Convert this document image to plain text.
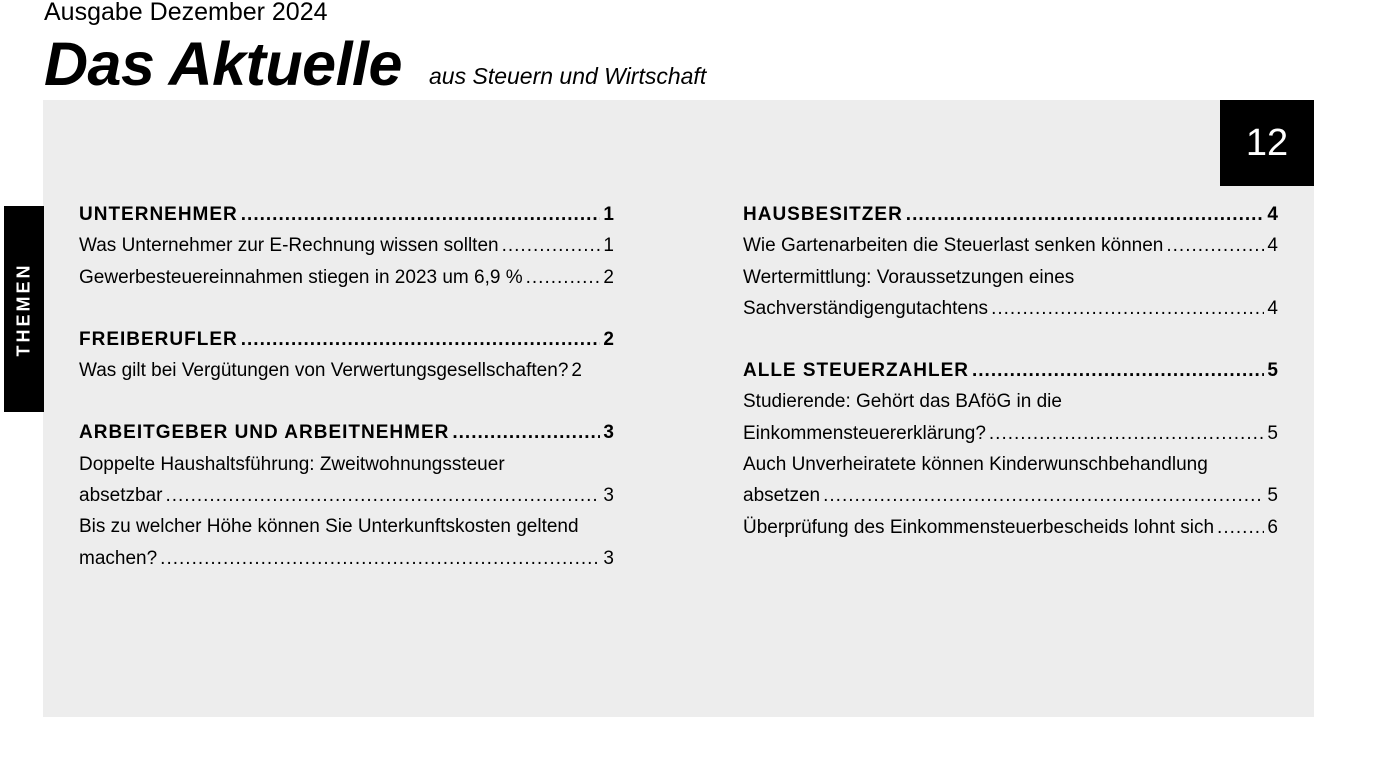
Ausgabe Dezember 2024
Das Aktuelle aus Steuern und Wirtschaft
12
THEMEN
UNTERNEHMER .....	1
Was Unternehmer zur E-Rechnung wissen sollten .....	1
Gewerbesteuereinnahmen stiegen in 2023 um 6,9 % .....	2
FREIBERUFLER .....	2
Was gilt bei Vergütungen von Verwertungsgesellschaften? 2
ARBEITGEBER UND ARBEITNEHMER .....	3
Doppelte Haushaltsführung: Zweitwohnungssteuer
absetzbar .....	3
Bis zu welcher Höhe können Sie Unterkunftskosten geltend
machen? .....	3
HAUSBESITZER .....	4
Wie Gartenarbeiten die Steuerlast senken können .....	4
Wertermittlung: Voraussetzungen eines
Sachverständigengutachtens .....	4
ALLE STEUERZAHLER .....	5
Studierende: Gehört das BAföG in die
Einkommensteuererklärung? .....	5
Auch Unverheiratete können Kinderwunschbehandlung
absetzen .....	5
Überprüfung des Einkommensteuerbescheids lohnt sich .....	6
